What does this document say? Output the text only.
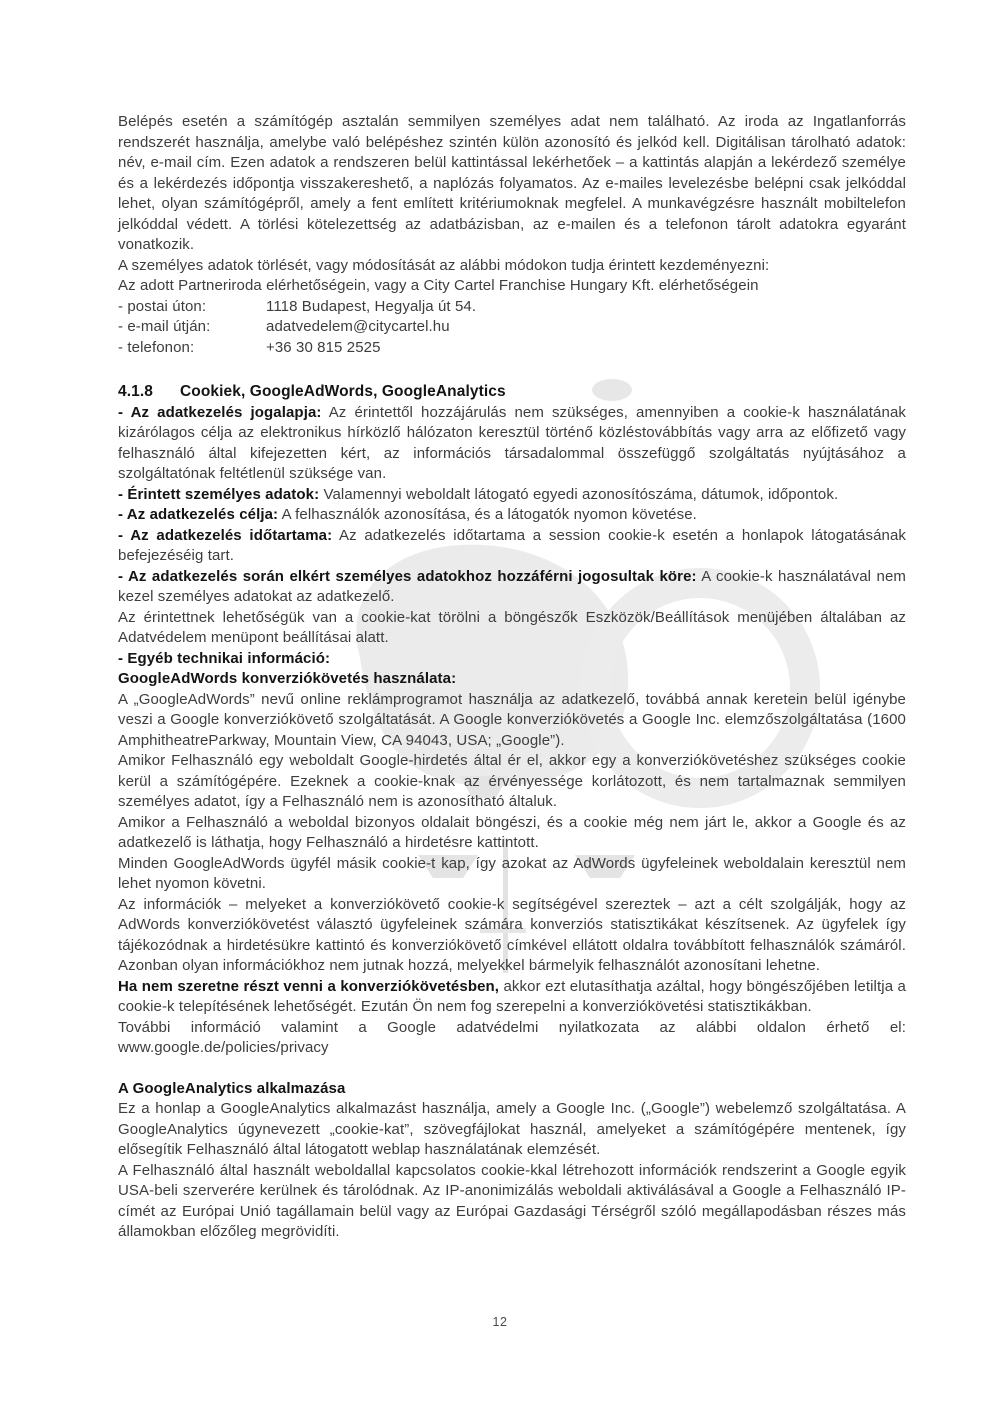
Belépés esetén a számítógép asztalán semmilyen személyes adat nem található. Az iroda az Ingatlanforrás rendszerét használja, amelybe való belépéshez szintén külön azonosító és jelkód kell. Digitálisan tárolható adatok: név, e-mail cím. Ezen adatok a rendszeren belül kattintással lekérhetőek – a kattintás alapján a lekérdező személye és a lekérdezés időpontja visszakereshető, a naplózás folyamatos. Az e-mailes levelezésbe belépni csak jelkóddal lehet, olyan számítógépről, amely a fent említett kritériumoknak megfelel. A munkavégzésre használt mobiltelefon jelkóddal védett. A törlési kötelezettség az adatbázisban, az e-mailen és a telefonon tárolt adatokra egyaránt vonatkozik.

A személyes adatok törlését, vagy módosítását az alábbi módokon tudja érintett kezdeményezni:

Az adott Partneriroda elérhetőségein, vagy a City Cartel Franchise Hungary Kft. elérhetőségein

- postai úton:	1118 Budapest, Hegyalja út 54.
- e-mail útján:	adatvedelem@citycartel.hu
- telefonon:	+36 30 815 2525
4.1.8 Cookiek, GoogleAdWords, GoogleAnalytics

- Az adatkezelés jogalapja: Az érintettől hozzájárulás nem szükséges, amennyiben a cookie-k használatának kizárólagos célja az elektronikus hírközlő hálózaton keresztül történő közléstovábbítás vagy arra az előfizető vagy felhasználó által kifejezetten kért, az információs társadalommal összefüggő szolgáltatás nyújtásához a szolgáltatónak feltétlenül szüksége van.

- Érintett személyes adatok: Valamennyi weboldalt látogató egyedi azonosítószáma, dátumok, időpontok.

- Az adatkezelés célja: A felhasználók azonosítása, és a látogatók nyomon követése.

- Az adatkezelés időtartama: Az adatkezelés időtartama a session cookie-k esetén a honlapok látogatásának befejezéséig tart.

- Az adatkezelés során elkért személyes adatokhoz hozzáférni jogosultak köre: A cookie-k használatával nem kezel személyes adatokat az adatkezelő.

Az érintettnek lehetőségük van a cookie-kat törölni a böngészők Eszközök/Beállítások menüjében általában az Adatvédelem menüpont beállításai alatt.

- Egyéb technikai információ:

GoogleAdWords konverziókövetés használata:

A „GoogleAdWords” nevű online reklámprogramot használja az adatkezelő, továbbá annak keretein belül igénybe veszi a Google konverziókövető szolgáltatását. A Google konverziókövetés a Google Inc. elemzőszolgáltatása (1600 AmphitheatreParkway, Mountain View, CA 94043, USA; „Google”).

Amikor Felhasználó egy weboldalt Google-hirdetés által ér el, akkor egy a konverziókövetéshez szükséges cookie kerül a számítógépére. Ezeknek a cookie-knak az érvényessége korlátozott, és nem tartalmaznak semmilyen személyes adatot, így a Felhasználó nem is azonosítható általuk.

Amikor a Felhasználó a weboldal bizonyos oldalait böngészi, és a cookie még nem járt le, akkor a Google és az adatkezelő is láthatja, hogy Felhasználó a hirdetésre kattintott.

Minden GoogleAdWords ügyfél másik cookie-t kap, így azokat az AdWords ügyfeleinek weboldalain keresztül nem lehet nyomon követni.

Az információk – melyeket a konverziókövető cookie-k segítségével szereztek – azt a célt szolgálják, hogy az AdWords konverziókövetést választó ügyfeleinek számára konverziós statisztikákat készítsenek. Az ügyfelek így tájékozódnak a hirdetésükre kattintó és konverziókövető címkével ellátott oldalra továbbított felhasználók számáról. Azonban olyan információkhoz nem jutnak hozzá, melyekkel bármelyik felhasználót azonosítani lehetne.

Ha nem szeretne részt venni a konverziókövetésben, akkor ezt elutasíthatja azáltal, hogy böngészőjében letiltja a cookie-k telepítésének lehetőségét. Ezután Ön nem fog szerepelni a konverziókövetési statisztikákban.

További információ valamint a Google adatvédelmi nyilatkozata az alábbi oldalon érhető el: www.google.de/policies/privacy

A GoogleAnalytics alkalmazása

Ez a honlap a GoogleAnalytics alkalmazást használja, amely a Google Inc. („Google”) webelemző szolgáltatása. A GoogleAnalytics úgynevezett „cookie-kat”, szövegfájlokat használ, amelyeket a számítógépére mentenek, így elősegítik Felhasználó által látogatott weblap használatának elemzését.

A Felhasználó által használt weboldallal kapcsolatos cookie-kkal létrehozott információk rendszerint a Google egyik USA-beli szerverére kerülnek és tárolódnak. Az IP-anonimizálás weboldali aktiválásával a Google a Felhasználó IP-címét az Európai Unió tagállamain belül vagy az Európai Gazdasági Térségről szóló megállapodásban részes más államokban előzőleg megrövidíti.

12
